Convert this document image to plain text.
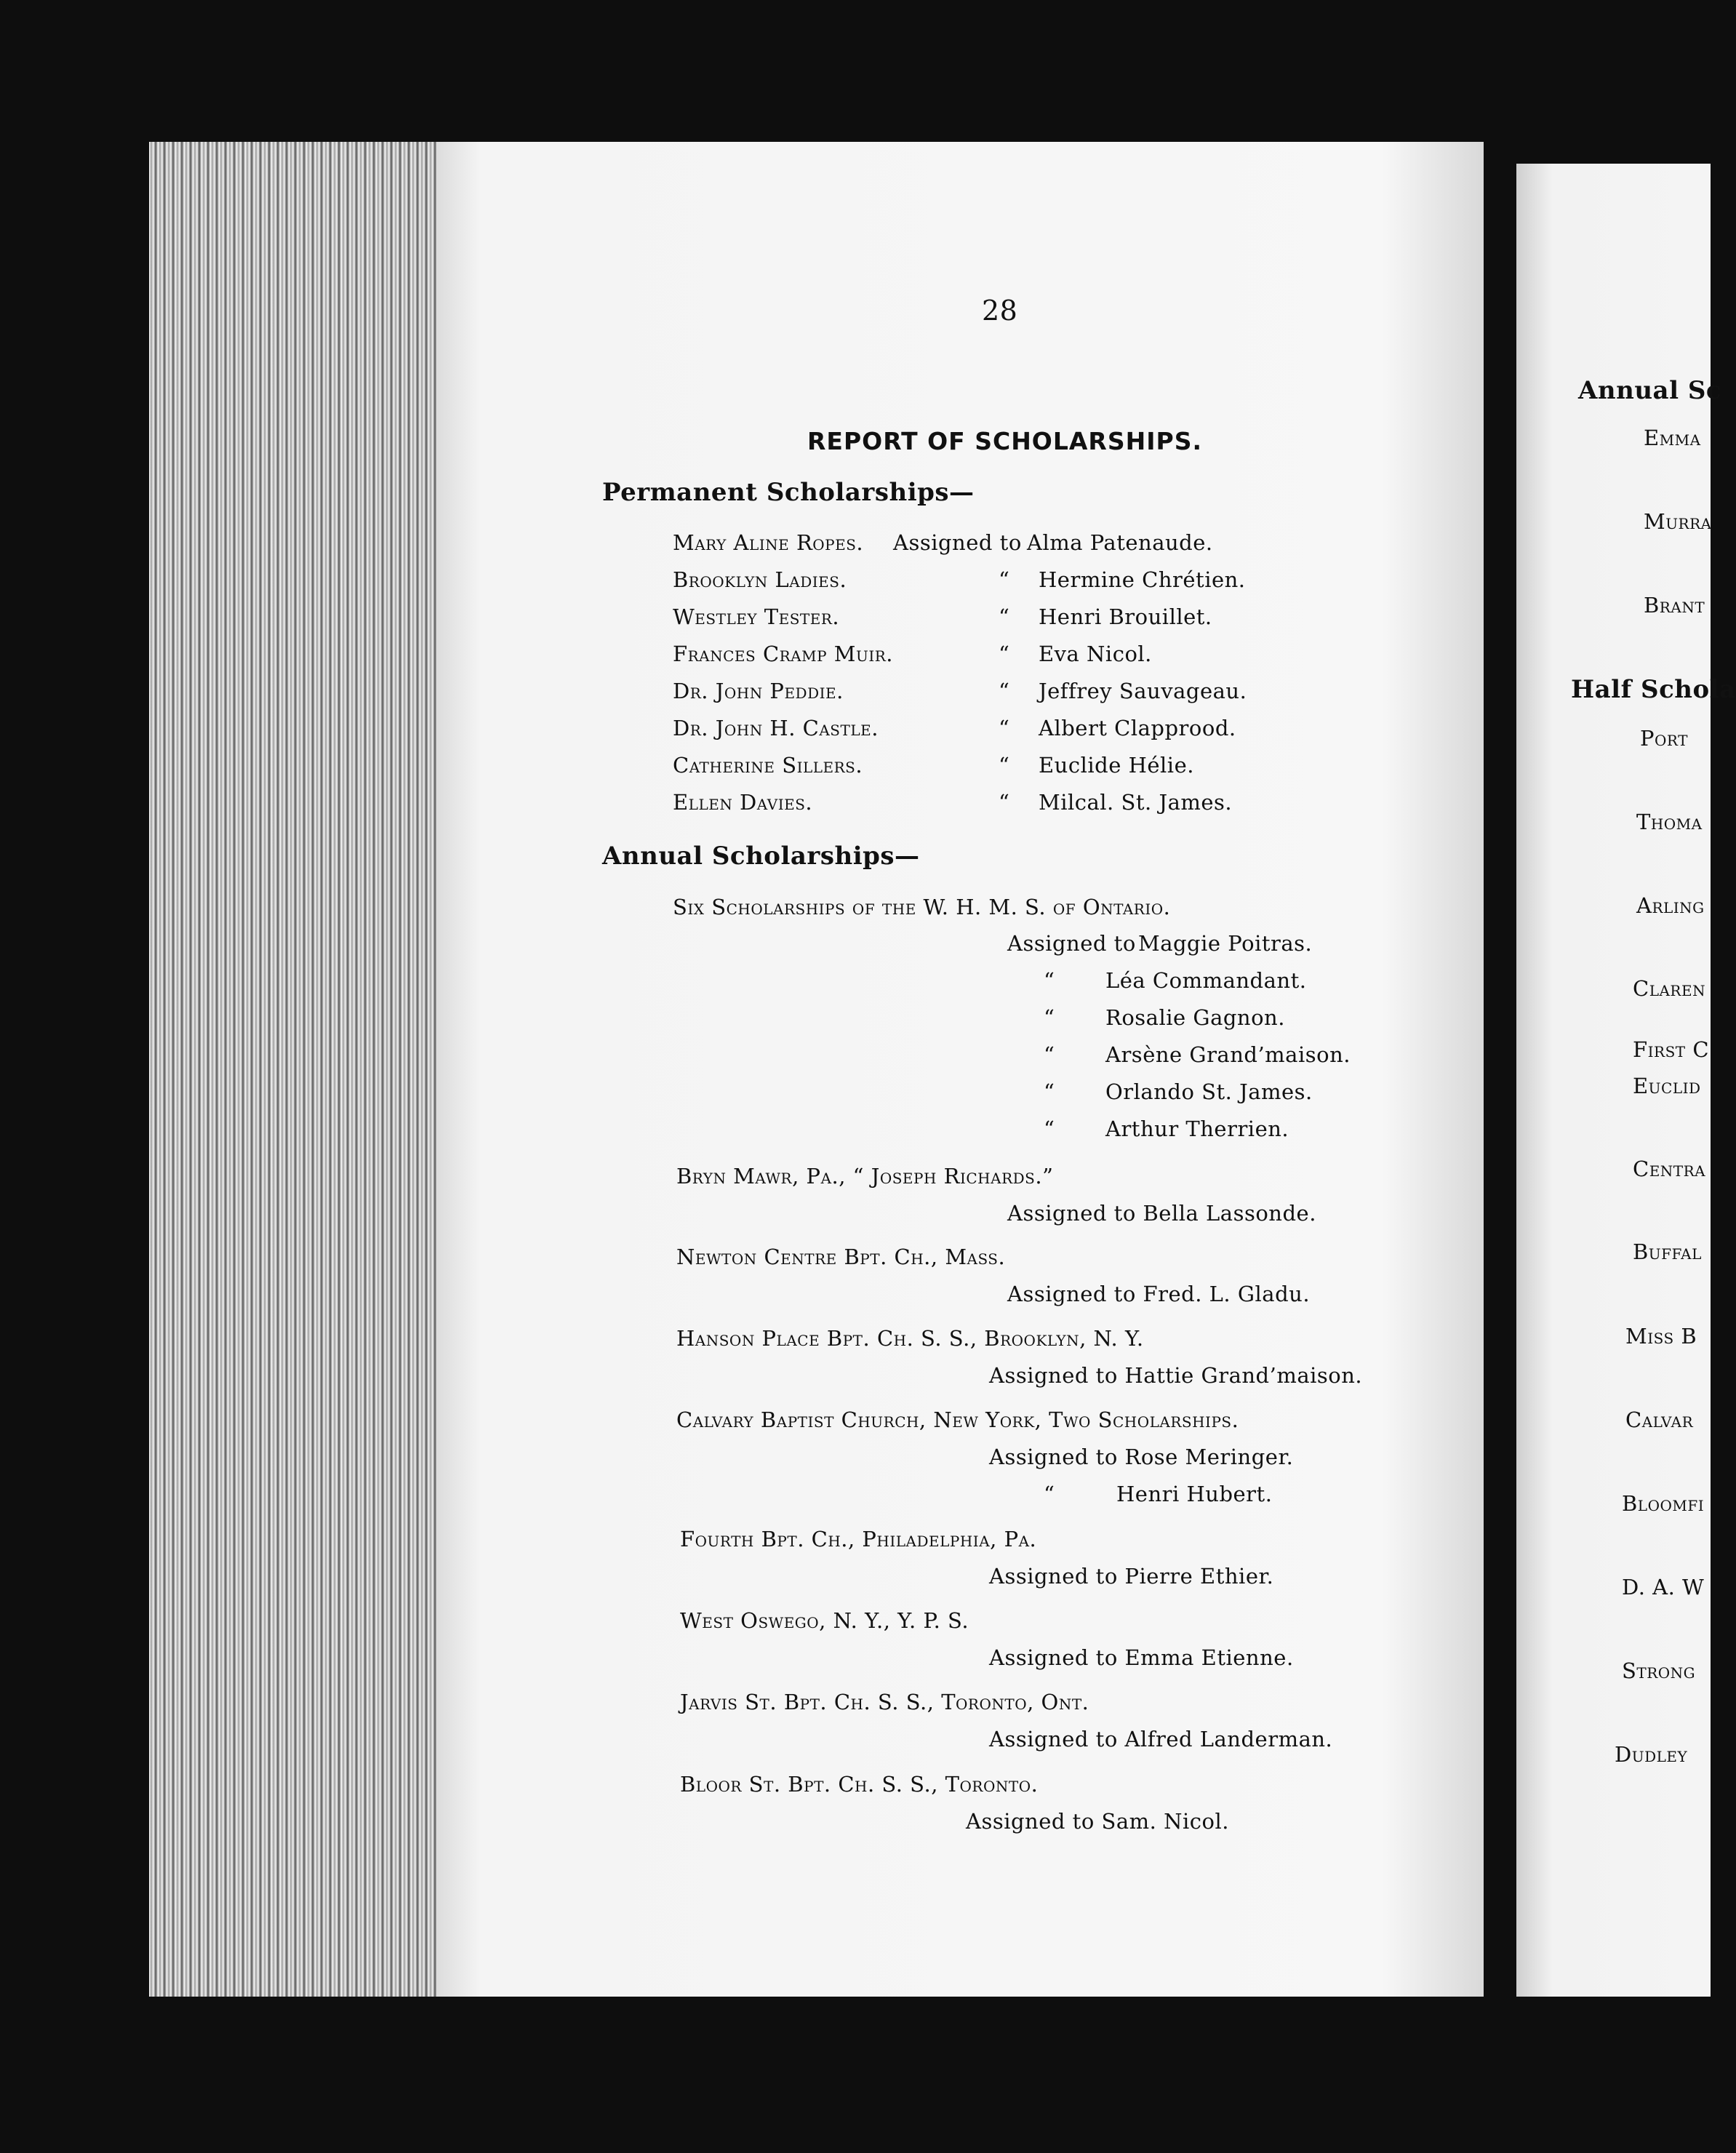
28
REPORT OF SCHOLARSHIPS.
Permanent Scholarships—
Mary Aline Ropes. Assigned to Alma Patenaude.
Brooklyn Ladies.	“ Hermine Chrétien.
Westley Tester.	“ Henri Brouillet.
Frances Cramp Muir.	“ Eva Nicol.
Dr. John Peddie.	“ Jeffrey Sauvageau.
Dr. John H. Castle.	“ Albert Clapprood.
Catherine Sillers.	“ Euclide Hélie.
Ellen Davies.	“ Milcal. St. James.
Annual Scholarships—
Six Scholarships of the W. H. M. S. of Ontario.
Assigned to Maggie Poitras.
“ Léa Commandant.
“ Rosalie Gagnon.
“ Arsène Grand’maison.
“ Orlando St. James.
“ Arthur Therrien.
Bryn Mawr, Pa., “ Joseph Richards.”
Assigned to Bella Lassonde.
Newton Centre Bpt. Ch., Mass.
Assigned to Fred. L. Gladu.
Hanson Place Bpt. Ch. S. S., Brooklyn, N. Y.
Assigned to Hattie Grand’maison.
Calvary Baptist Church, New York, Two Scholarships.
Assigned to Rose Meringer.
“	Henri Hubert.
Fourth Bpt. Ch., Philadelphia, Pa.
Assigned to Pierre Ethier.
West Oswego, N. Y., Y. P. S.
Assigned to Emma Etienne.
Jarvis St. Bpt. Ch. S. S., Toronto, Ont.
Assigned to Alfred Landerman.
Bloor St. Bpt. Ch. S. S., Toronto.
Assigned to Sam. Nicol.
Annual Sc
Emma
Murra
Brant
Half Schola
Port
Thoma
Arling
Claren
First C
Euclid
Centra
Buffal
Miss B
Calvar
Bloomfi
D. A. W
Strong
Dudley
